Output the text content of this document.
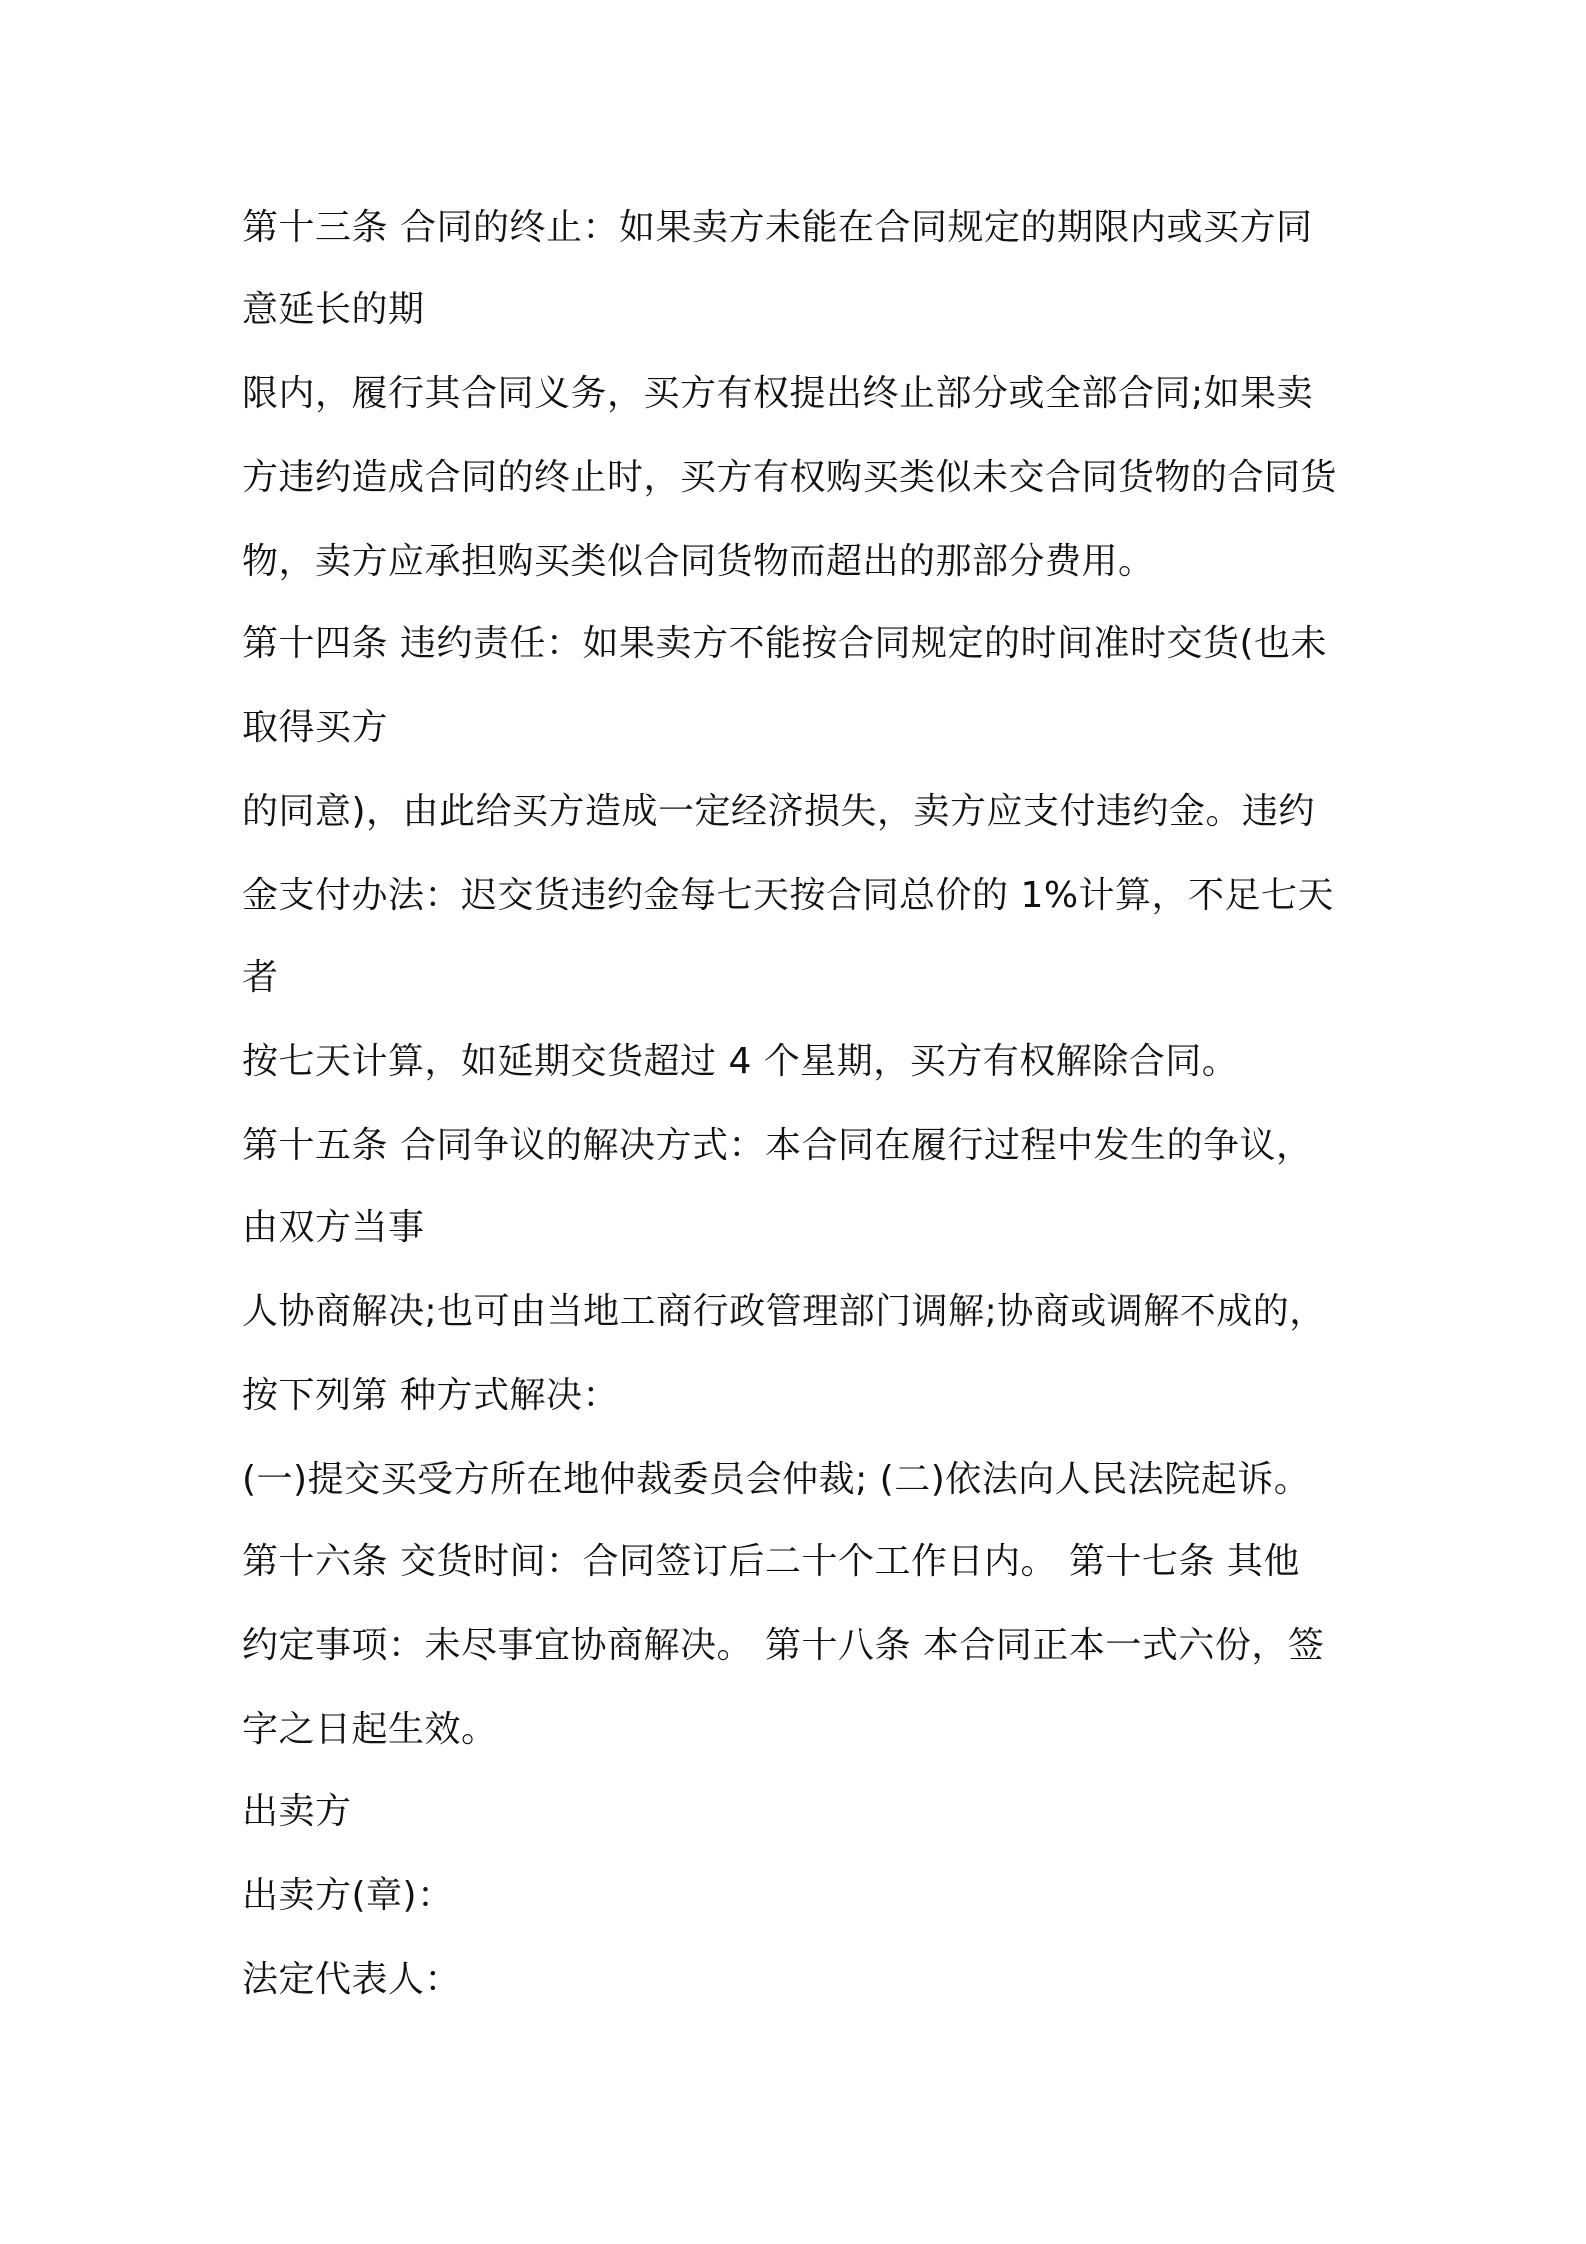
第十三条 合同的终止：如果卖方未能在合同规定的期限内或买方同
意延长的期
限内，履行其合同义务，买方有权提出终止部分或全部合同;如果卖
方违约造成合同的终止时，买方有权购买类似未交合同货物的合同货
物，卖方应承担购买类似合同货物而超出的那部分费用。
第十四条 违约责任：如果卖方不能按合同规定的时间准时交货(也未
取得买方
的同意)，由此给买方造成一定经济损失，卖方应支付违约金。违约
金支付办法：迟交货违约金每七天按合同总价的 1%计算，不足七天
者
按七天计算，如延期交货超过 4 个星期，买方有权解除合同。
第十五条 合同争议的解决方式：本合同在履行过程中发生的争议，
由双方当事
人协商解决;也可由当地工商行政管理部门调解;协商或调解不成的，
按下列第 种方式解决：
(一)提交买受方所在地仲裁委员会仲裁; (二)依法向人民法院起诉。
第十六条 交货时间：合同签订后二十个工作日内。 第十七条 其他
约定事项：未尽事宜协商解决。 第十八条 本合同正本一式六份，签
字之日起生效。
出卖方
出卖方(章)：
法定代表人：
